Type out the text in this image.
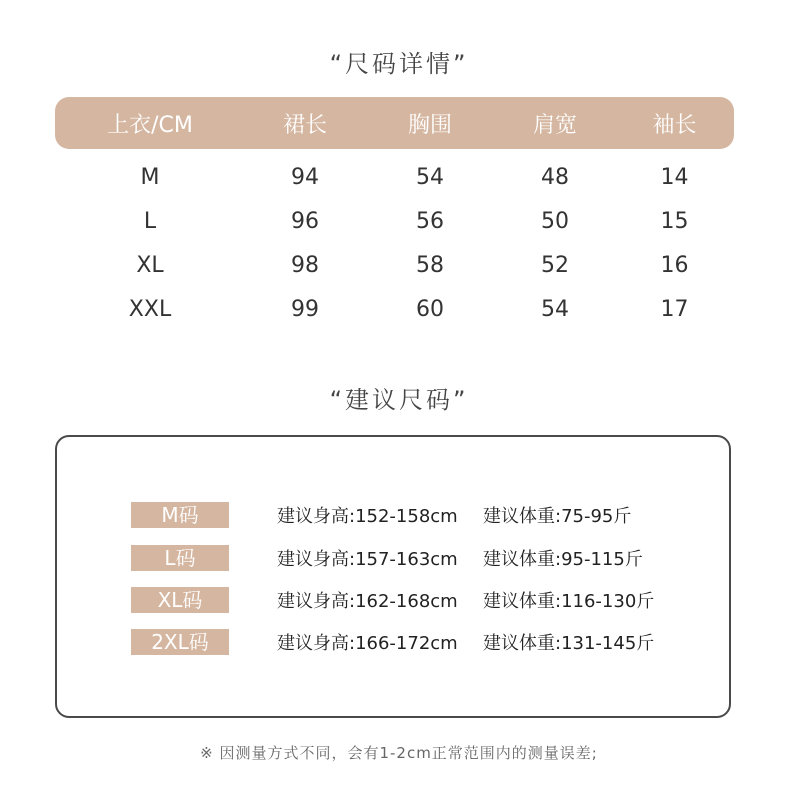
“尺码详情”
上衣/CM	裙长	胸围	肩宽	袖长
M	94	54	48	14
L	96	56	50	15
XL	98	58	52	16
XXL	99	60	54	17
“建议尺码”
M码	建议身高:152-158cm	建议体重:75-95斤
L码	建议身高:157-163cm	建议体重:95-115斤
XL码	建议身高:162-168cm	建议体重:116-130斤
2XL码	建议身高:166-172cm	建议体重:131-145斤
※ 因测量方式不同，会有1-2cm正常范围内的测量误差;
